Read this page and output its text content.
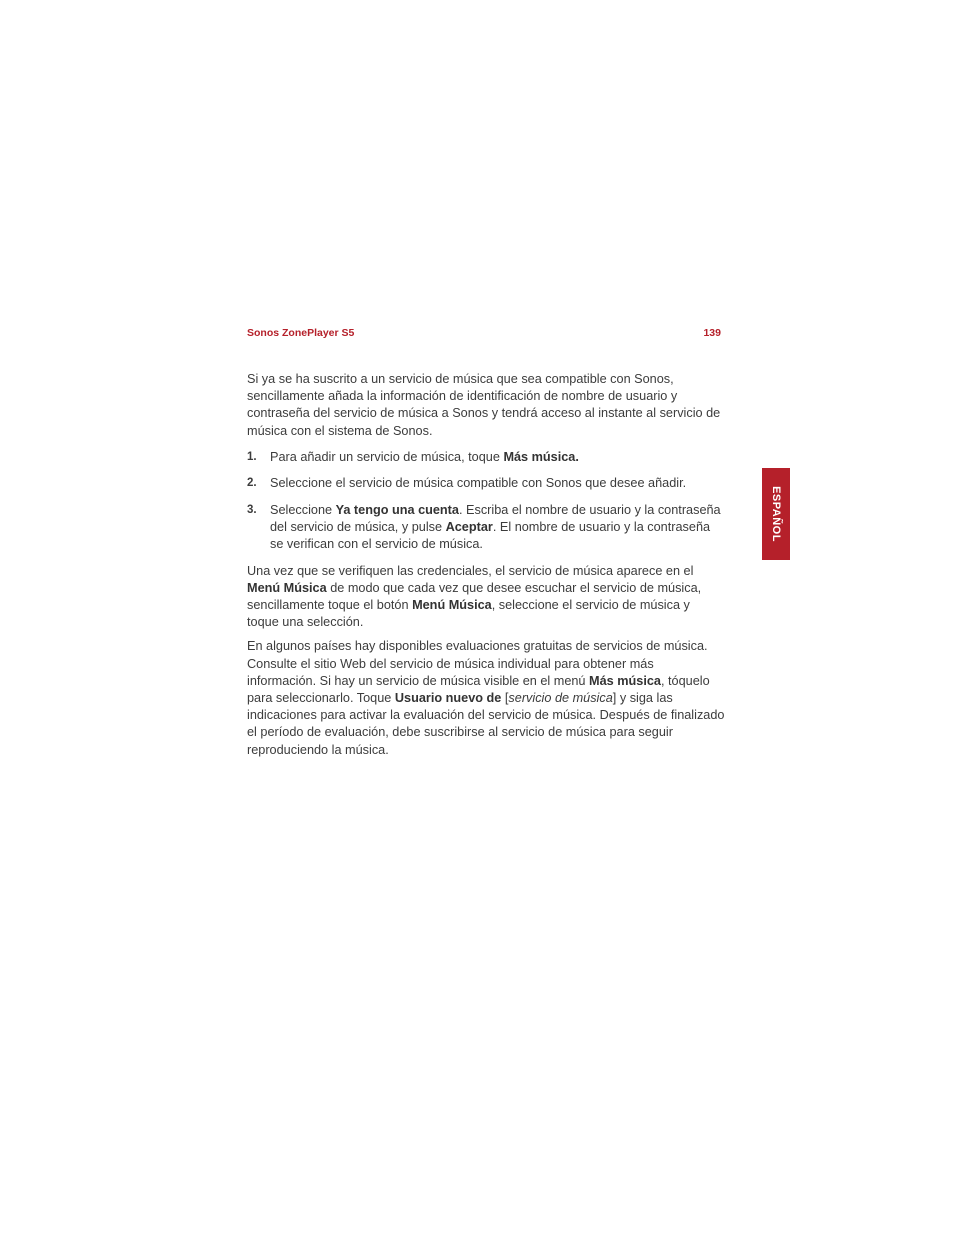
Sonos ZonePlayer S5	139
ESPAÑOL

Si ya se ha suscrito a un servicio de música que sea compatible con Sonos, sencillamente añada la información de identificación de nombre de usuario y contraseña del servicio de música a Sonos y tendrá acceso al instante al servicio de música con el sistema de Sonos.

1. Para añadir un servicio de música, toque Más música.
2. Seleccione el servicio de música compatible con Sonos que desee añadir.
3. Seleccione Ya tengo una cuenta. Escriba el nombre de usuario y la contraseña del servicio de música, y pulse Aceptar. El nombre de usuario y la contraseña se verifican con el servicio de música.

Una vez que se verifiquen las credenciales, el servicio de música aparece en el Menú Música de modo que cada vez que desee escuchar el servicio de música, sencillamente toque el botón Menú Música, seleccione el servicio de música y toque una selección.

En algunos países hay disponibles evaluaciones gratuitas de servicios de música. Consulte el sitio Web del servicio de música individual para obtener más información. Si hay un servicio de música visible en el menú Más música, tóquelo para seleccionarlo. Toque Usuario nuevo de [servicio de música] y siga las indicaciones para activar la evaluación del servicio de música. Después de finalizado el período de evaluación, debe suscribirse al servicio de música para seguir reproduciendo la música.
